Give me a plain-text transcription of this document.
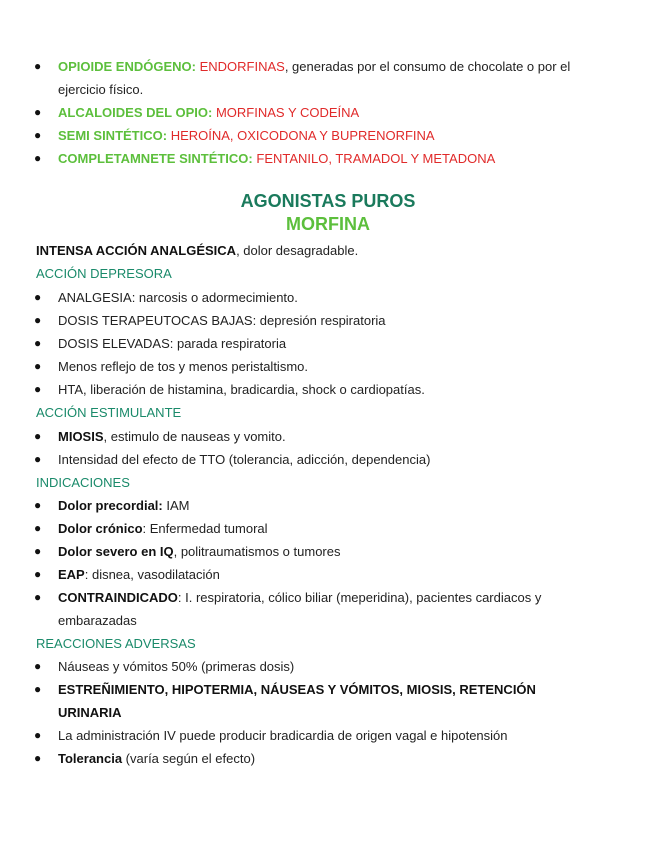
●	OPIOIDE ENDÓGENO: ENDORFINAS, generadas por el consumo de chocolate o por el
ejercicio físico.
●	ALCALOIDES DEL OPIO: MORFINAS Y CODEÍNA
●	SEMI SINTÉTICO: HEROÍNA, OXICODONA Y BUPRENORFINA
●	COMPLETAMNETE SINTÉTICO: FENTANILO, TRAMADOL Y METADONA
AGONISTAS PUROS
MORFINA
INTENSA ACCIÓN ANALGÉSICA, dolor desagradable.
ACCIÓN DEPRESORA
●	ANALGESIA: narcosis o adormecimiento.
●	DOSIS TERAPEUTOCAS BAJAS: depresión respiratoria
●	DOSIS ELEVADAS: parada respiratoria
●	Menos reflejo de tos y menos peristaltismo.
●	HTA, liberación de histamina, bradicardia, shock o cardiopatías.
ACCIÓN ESTIMULANTE
●	MIOSIS, estimulo de nauseas y vomito.
●	Intensidad del efecto de TTO (tolerancia, adicción, dependencia)
INDICACIONES
●	Dolor precordial: IAM
●	Dolor crónico: Enfermedad tumoral
●	Dolor severo en IQ, politraumatismos o tumores
●	EAP: disnea, vasodilatación
●	CONTRAINDICADO: I. respiratoria, cólico biliar (meperidina), pacientes cardiacos y
embarazadas
REACCIONES ADVERSAS
●	Náuseas y vómitos 50% (primeras dosis)
●	ESTREÑIMIENTO, HIPOTERMIA, NÁUSEAS Y VÓMITOS, MIOSIS, RETENCIÓN
URINARIA
●	La administración IV puede producir bradicardia de origen vagal e hipotensión
●	Tolerancia (varía según el efecto)
